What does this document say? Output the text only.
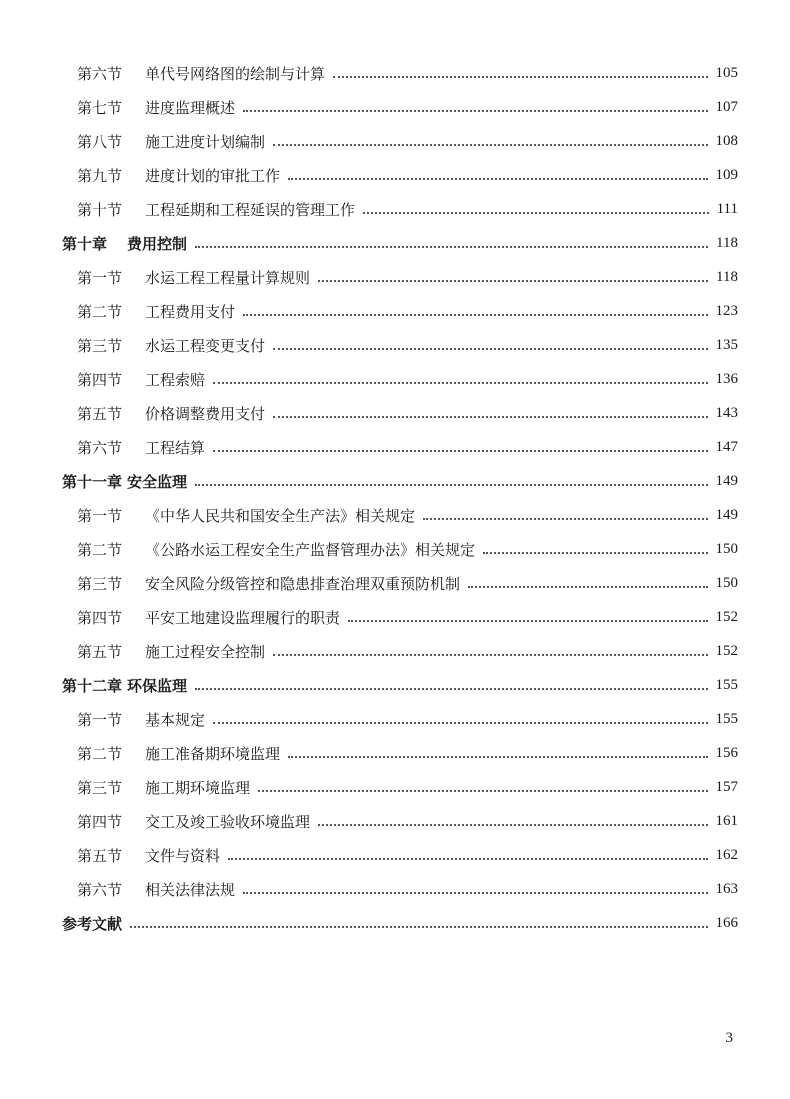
第六节	单代号网络图的绘制与计算	105
第七节	进度监理概述	107
第八节	施工进度计划编制	108
第九节	进度计划的审批工作	109
第十节	工程延期和工程延误的管理工作	111
第十章	费用控制	118
第一节	水运工程工程量计算规则	118
第二节	工程费用支付	123
第三节	水运工程变更支付	135
第四节	工程索赔	136
第五节	价格调整费用支付	143
第六节	工程结算	147
第十一章 安全监理	149
第一节	《中华人民共和国安全生产法》相关规定	149
第二节	《公路水运工程安全生产监督管理办法》相关规定	150
第三节	安全风险分级管控和隐患排查治理双重预防机制	150
第四节	平安工地建设监理履行的职责	152
第五节	施工过程安全控制	152
第十二章 环保监理	155
第一节	基本规定	155
第二节	施工准备期环境监理	156
第三节	施工期环境监理	157
第四节	交工及竣工验收环境监理	161
第五节	文件与资料	162
第六节	相关法律法规	163
参考文献	166
3
